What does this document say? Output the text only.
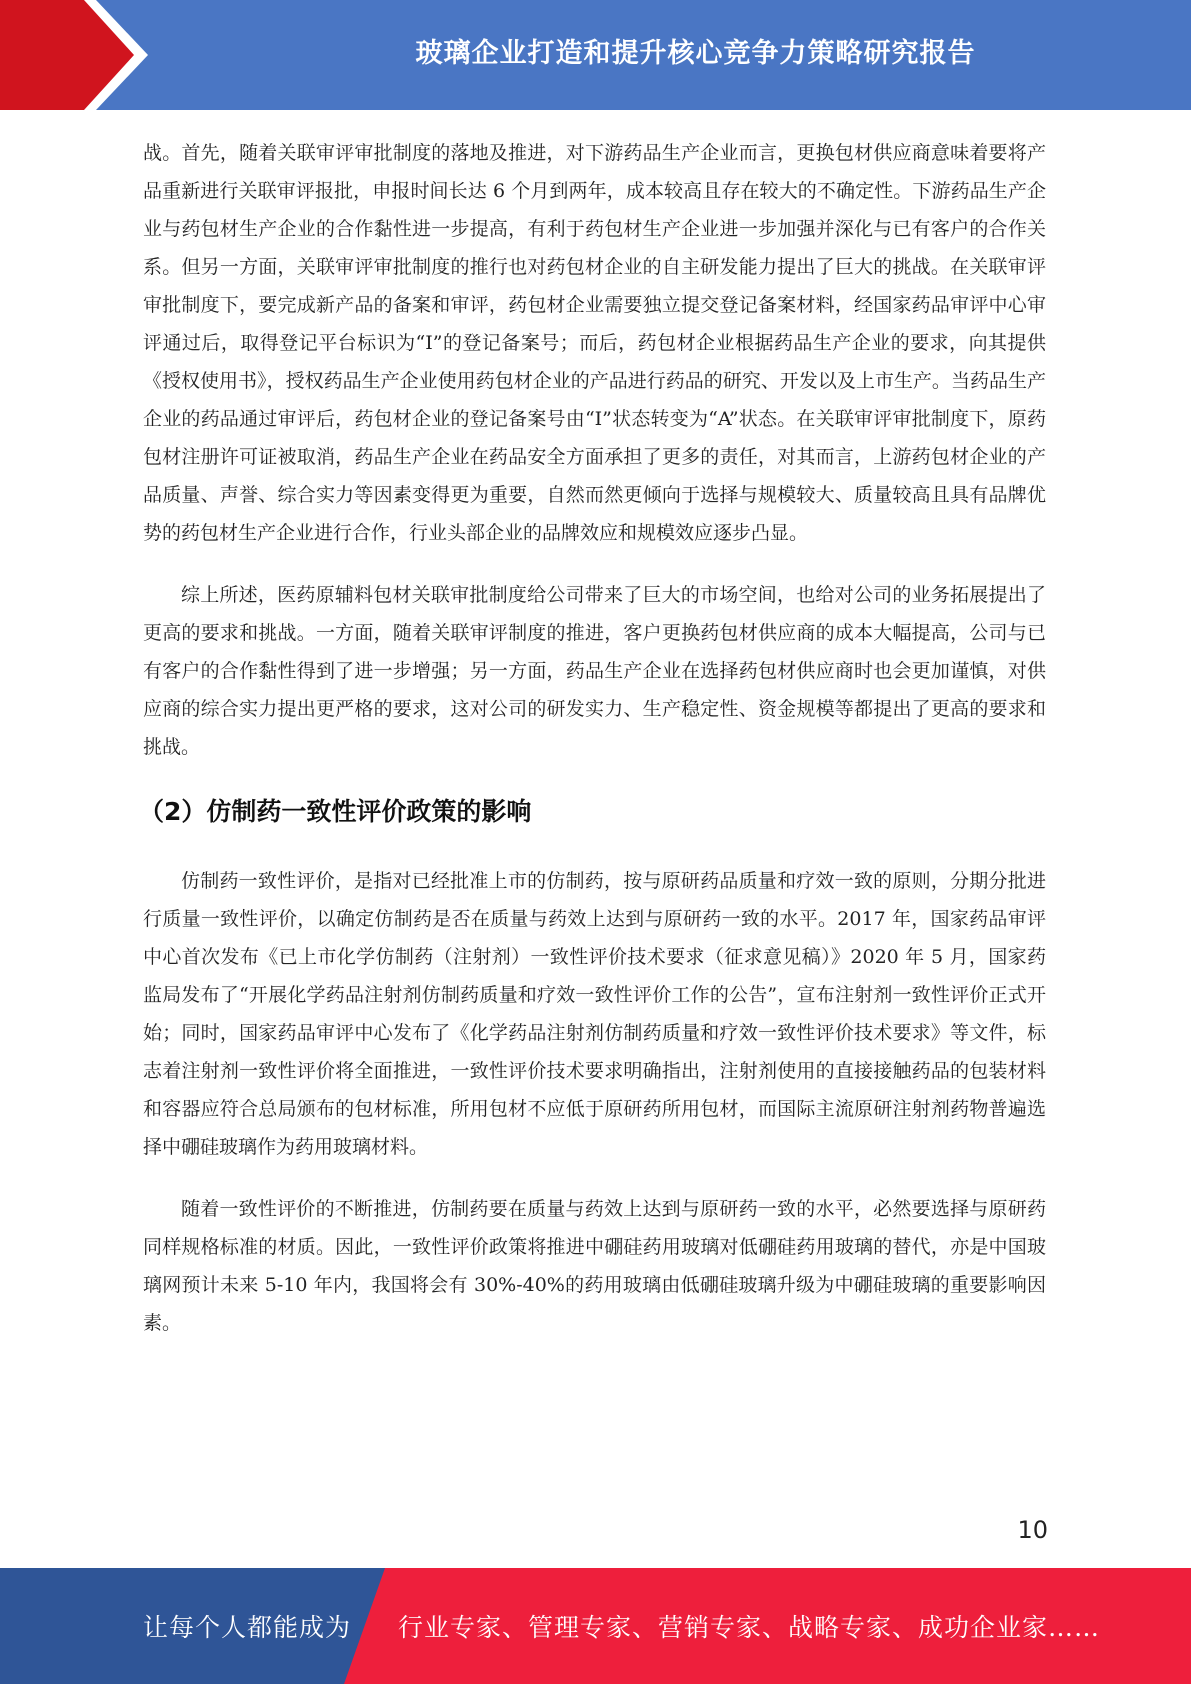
玻璃企业打造和提升核心竞争力策略研究报告

战。首先，随着关联审评审批制度的落地及推进，对下游药品生产企业而言，更换包材供应商意味着要将产品重新进行关联审评报批，申报时间长达 6 个月到两年，成本较高且存在较大的不确定性。下游药品生产企业与药包材生产企业的合作黏性进一步提高，有利于药包材生产企业进一步加强并深化与已有客户的合作关系。但另一方面，关联审评审批制度的推行也对药包材企业的自主研发能力提出了巨大的挑战。在关联审评审批制度下，要完成新产品的备案和审评，药包材企业需要独立提交登记备案材料，经国家药品审评中心审评通过后，取得登记平台标识为“I”的登记备案号；而后，药包材企业根据药品生产企业的要求，向其提供《授权使用书》，授权药品生产企业使用药包材企业的产品进行药品的研究、开发以及上市生产。当药品生产企业的药品通过审评后，药包材企业的登记备案号由“I”状态转变为“A”状态。在关联审评审批制度下，原药包材注册许可证被取消，药品生产企业在药品安全方面承担了更多的责任，对其而言，上游药包材企业的产品质量、声誉、综合实力等因素变得更为重要，自然而然更倾向于选择与规模较大、质量较高且具有品牌优势的药包材生产企业进行合作，行业头部企业的品牌效应和规模效应逐步凸显。

综上所述，医药原辅料包材关联审批制度给公司带来了巨大的市场空间，也给对公司的业务拓展提出了更高的要求和挑战。一方面，随着关联审评制度的推进，客户更换药包材供应商的成本大幅提高，公司与已有客户的合作黏性得到了进一步增强；另一方面，药品生产企业在选择药包材供应商时也会更加谨慎，对供应商的综合实力提出更严格的要求，这对公司的研发实力、生产稳定性、资金规模等都提出了更高的要求和挑战。

（2）仿制药一致性评价政策的影响

仿制药一致性评价，是指对已经批准上市的仿制药，按与原研药品质量和疗效一致的原则，分期分批进行质量一致性评价，以确定仿制药是否在质量与药效上达到与原研药一致的水平。2017 年，国家药品审评中心首次发布《已上市化学仿制药（注射剂）一致性评价技术要求（征求意见稿）》2020 年 5 月，国家药监局发布了“开展化学药品注射剂仿制药质量和疗效一致性评价工作的公告”，宣布注射剂一致性评价正式开始；同时，国家药品审评中心发布了《化学药品注射剂仿制药质量和疗效一致性评价技术要求》等文件，标志着注射剂一致性评价将全面推进，一致性评价技术要求明确指出，注射剂使用的直接接触药品的包装材料和容器应符合总局颁布的包材标准，所用包材不应低于原研药所用包材，而国际主流原研注射剂药物普遍选择中硼硅玻璃作为药用玻璃材料。

随着一致性评价的不断推进，仿制药要在质量与药效上达到与原研药一致的水平，必然要选择与原研药同样规格标准的材质。因此，一致性评价政策将推进中硼硅药用玻璃对低硼硅药用玻璃的替代，亦是中国玻璃网预计未来 5-10 年内，我国将会有 30%-40%的药用玻璃由低硼硅玻璃升级为中硼硅玻璃的重要影响因素。

10
让每个人都能成为 行业专家、管理专家、营销专家、战略专家、成功企业家……
